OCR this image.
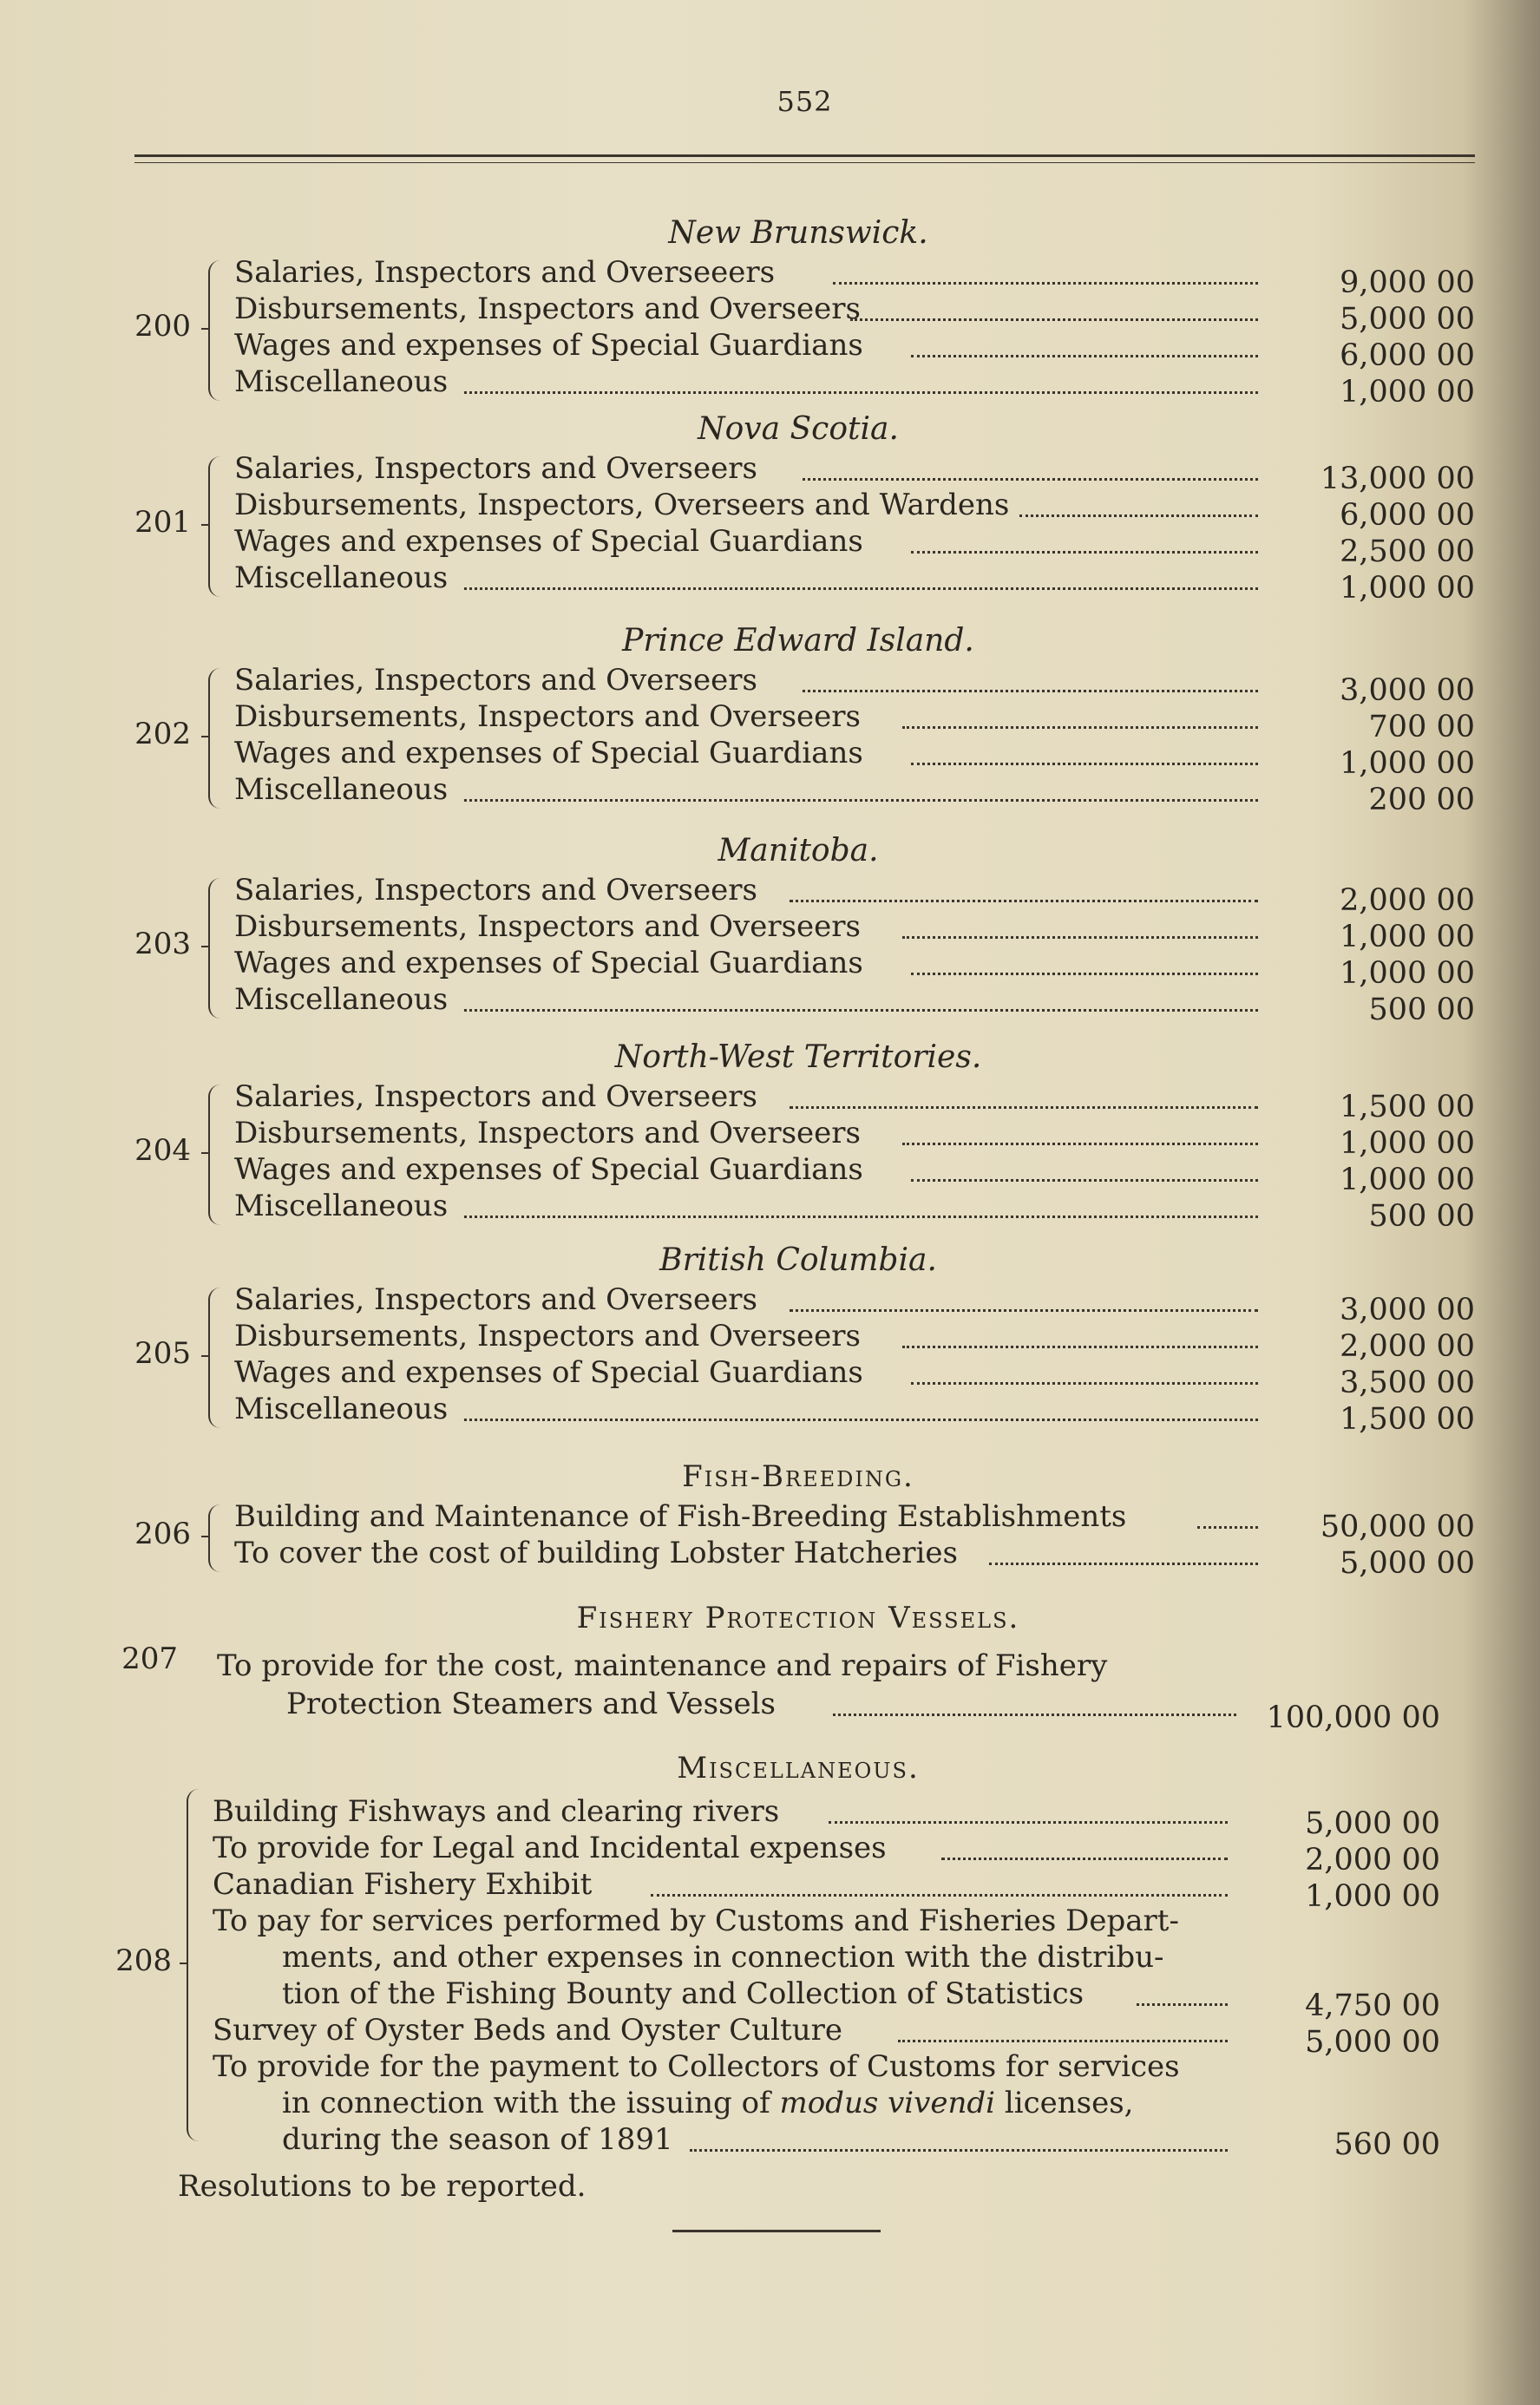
552
New Brunswick.
200
Salaries, Inspectors and Overseeers	9,000 00
Disbursements, Inspectors and Overseers	5,000 00
Wages and expenses of Special Guardians	6,000 00
Miscellaneous	1,000 00
Nova Scotia.
201
Salaries, Inspectors and Overseers	13,000 00
Disbursements, Inspectors, Overseers and Wardens	6,000 00
Wages and expenses of Special Guardians	2,500 00
Miscellaneous	1,000 00
Prince Edward Island.
202
Salaries, Inspectors and Overseers	3,000 00
Disbursements, Inspectors and Overseers	700 00
Wages and expenses of Special Guardians	1,000 00
Miscellaneous	200 00
Manitoba.
203
Salaries, Inspectors and Overseers	2,000 00
Disbursements, Inspectors and Overseers	1,000 00
Wages and expenses of Special Guardians	1,000 00
Miscellaneous	500 00
North-West Territories.
204
Salaries, Inspectors and Overseers	1,500 00
Disbursements, Inspectors and Overseers	1,000 00
Wages and expenses of Special Guardians	1,000 00
Miscellaneous	500 00
British Columbia.
205
Salaries, Inspectors and Overseers	3,000 00
Disbursements, Inspectors and Overseers	2,000 00
Wages and expenses of Special Guardians	3,500 00
Miscellaneous	1,500 00
Fish-Breeding.
206 Building and Maintenance of Fish-Breeding Establishments	50,000 00
To cover the cost of building Lobster Hatcheries	5,000 00
Fishery Protection Vessels.
207 To provide for the cost, maintenance and repairs of Fishery
Protection Steamers and Vessels	100,000 00
Miscellaneous.
208
Building Fishways and clearing rivers	5,000 00
To provide for Legal and Incidental expenses	2,000 00
Canadian Fishery Exhibit	1,000 00
To pay for services performed by Customs and Fisheries Depart-
ments, and other expenses in connection with the distribu-
tion of the Fishing Bounty and Collection of Statistics	4,750 00
Survey of Oyster Beds and Oyster Culture	5,000 00
To provide for the payment to Collectors of Customs for services
in connection with the issuing of modus vivendi licenses,
during the season of 1891	560 00
Resolutions to be reported.
